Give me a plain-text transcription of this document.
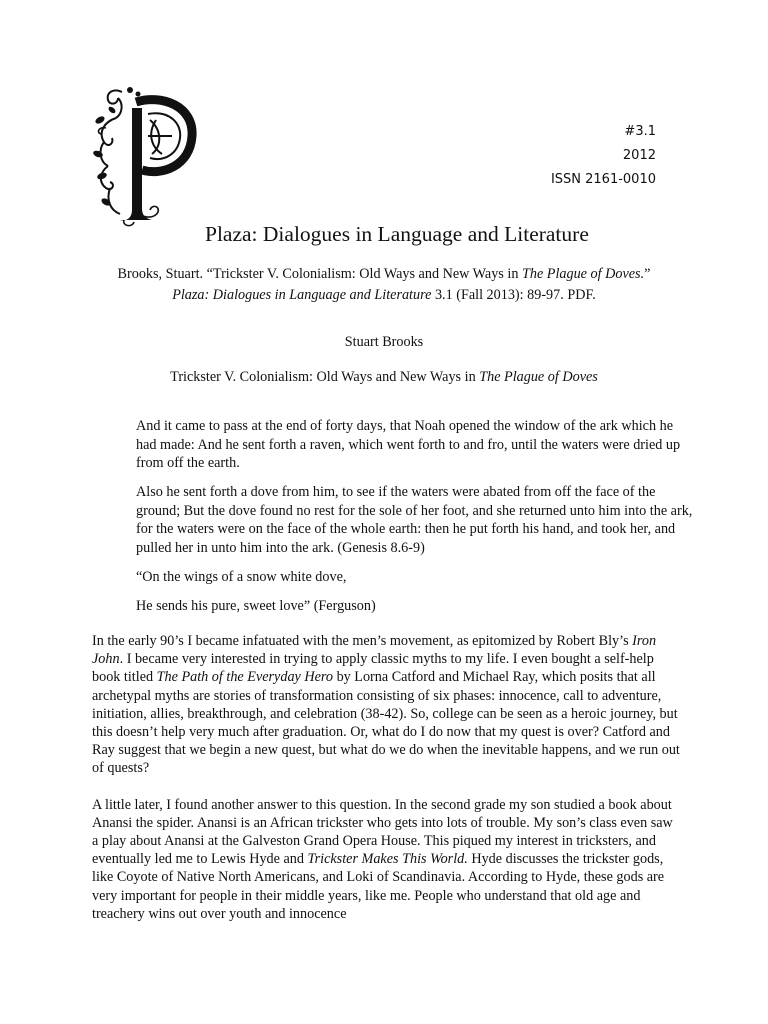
#3.1
2012
ISSN 2161-0010
Plaza: Dialogues in Language and Literature
Brooks, Stuart. “Trickster V. Colonialism: Old Ways and New Ways in The Plague of Doves.”
Plaza: Dialogues in Language and Literature 3.1 (Fall 2013): 89-97. PDF.
Stuart Brooks
Trickster V. Colonialism: Old Ways and New Ways in The Plague of Doves

And it came to pass at the end of forty days, that Noah opened the window of the ark which he had made: And he sent forth a raven, which went forth to and fro, until the waters were dried up from off the earth.

Also he sent forth a dove from him, to see if the waters were abated from off the face of the ground; But the dove found no rest for the sole of her foot, and she returned unto him into the ark, for the waters were on the face of the whole earth: then he put forth his hand, and took her, and pulled her in unto him into the ark. (Genesis 8.6-9)

“On the wings of a snow white dove,

He sends his pure, sweet love” (Ferguson)

In the early 90’s I became infatuated with the men’s movement, as epitomized by Robert Bly’s Iron John. I became very interested in trying to apply classic myths to my life. I even bought a self-help book titled The Path of the Everyday Hero by Lorna Catford and Michael Ray, which posits that all archetypal myths are stories of transformation consisting of six phases: innocence, call to adventure, initiation, allies, breakthrough, and celebration (38-42). So, college can be seen as a heroic journey, but this doesn’t help very much after graduation. Or, what do I do now that my quest is over? Catford and Ray suggest that we begin a new quest, but what do we do when the inevitable happens, and we run out of quests?

A little later, I found another answer to this question. In the second grade my son studied a book about Anansi the spider. Anansi is an African trickster who gets into lots of trouble. My son’s class even saw a play about Anansi at the Galveston Grand Opera House. This piqued my interest in tricksters, and eventually led me to Lewis Hyde and Trickster Makes This World. Hyde discusses the trickster gods, like Coyote of Native North Americans, and Loki of Scandinavia. According to Hyde, these gods are very important for people in their middle years, like me. People who understand that old age and treachery wins out over youth and innocence
